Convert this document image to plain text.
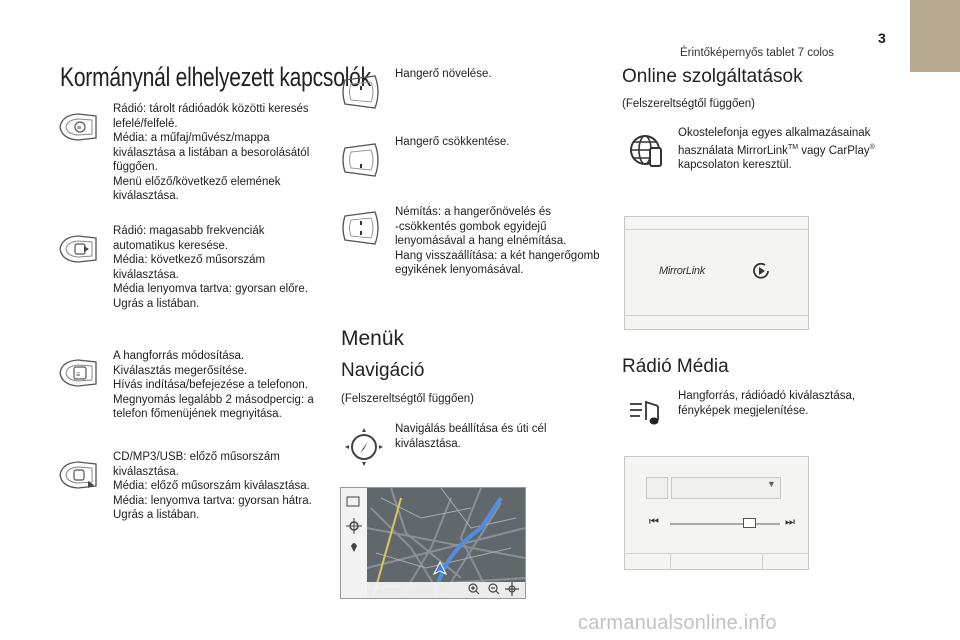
3
Érintőképernyős tablet 7 colos
Kormánynál elhelyezett kapcsolók
≡

Rádió: tárolt rádióadók közötti keresés

lefelé/felfelé.

Média: a műfaj/művész/mappa

kiválasztása a listában a besorolásától

függően.

Menü előző/következő elemének

kiválasztása.

Rádió: magasabb frekvenciák

automatikus keresése.

Média: következő műsorszám

kiválasztása.

Média lenyomva tartva: gyorsan előre.

Ugrás a listában.

≡

A hangforrás módosítása.

Kiválasztás megerősítése.

Hívás indítása/befejezése a telefonon.

Megnyomás legalább 2 másodpercig: a

telefon főmenüjének megnyitása.

CD/MP3/USB: előző műsorszám

kiválasztása.

Média: előző műsorszám kiválasztása.

Média: lenyomva tartva: gyorsan hátra.

Ugrás a listában.

Hangerő növelése.

Hangerő csökkentése.

Némítás: a hangerőnövelés és

-csökkentés gombok egyidejű

lenyomásával a hang elnémítása.

Hang visszaállítása: a két hangerőgomb

egyikének lenyomásával.

Menük
Navigáció
(Felszereltségtől függően)

Navigálás beállítása és úti cél

kiválasztása.

Online szolgáltatások
(Felszereltségtől függően)

Okostelefonja egyes alkalmazásainak

használata MirrorLink™ vagy CarPlay®

kapcsolaton keresztül.

MirrorLink
Rádió Média

Hangforrás, rádióadó kiválasztása,

fényképek megjelenítése.

▼
⏮	⏭
carmanualsonline.info
